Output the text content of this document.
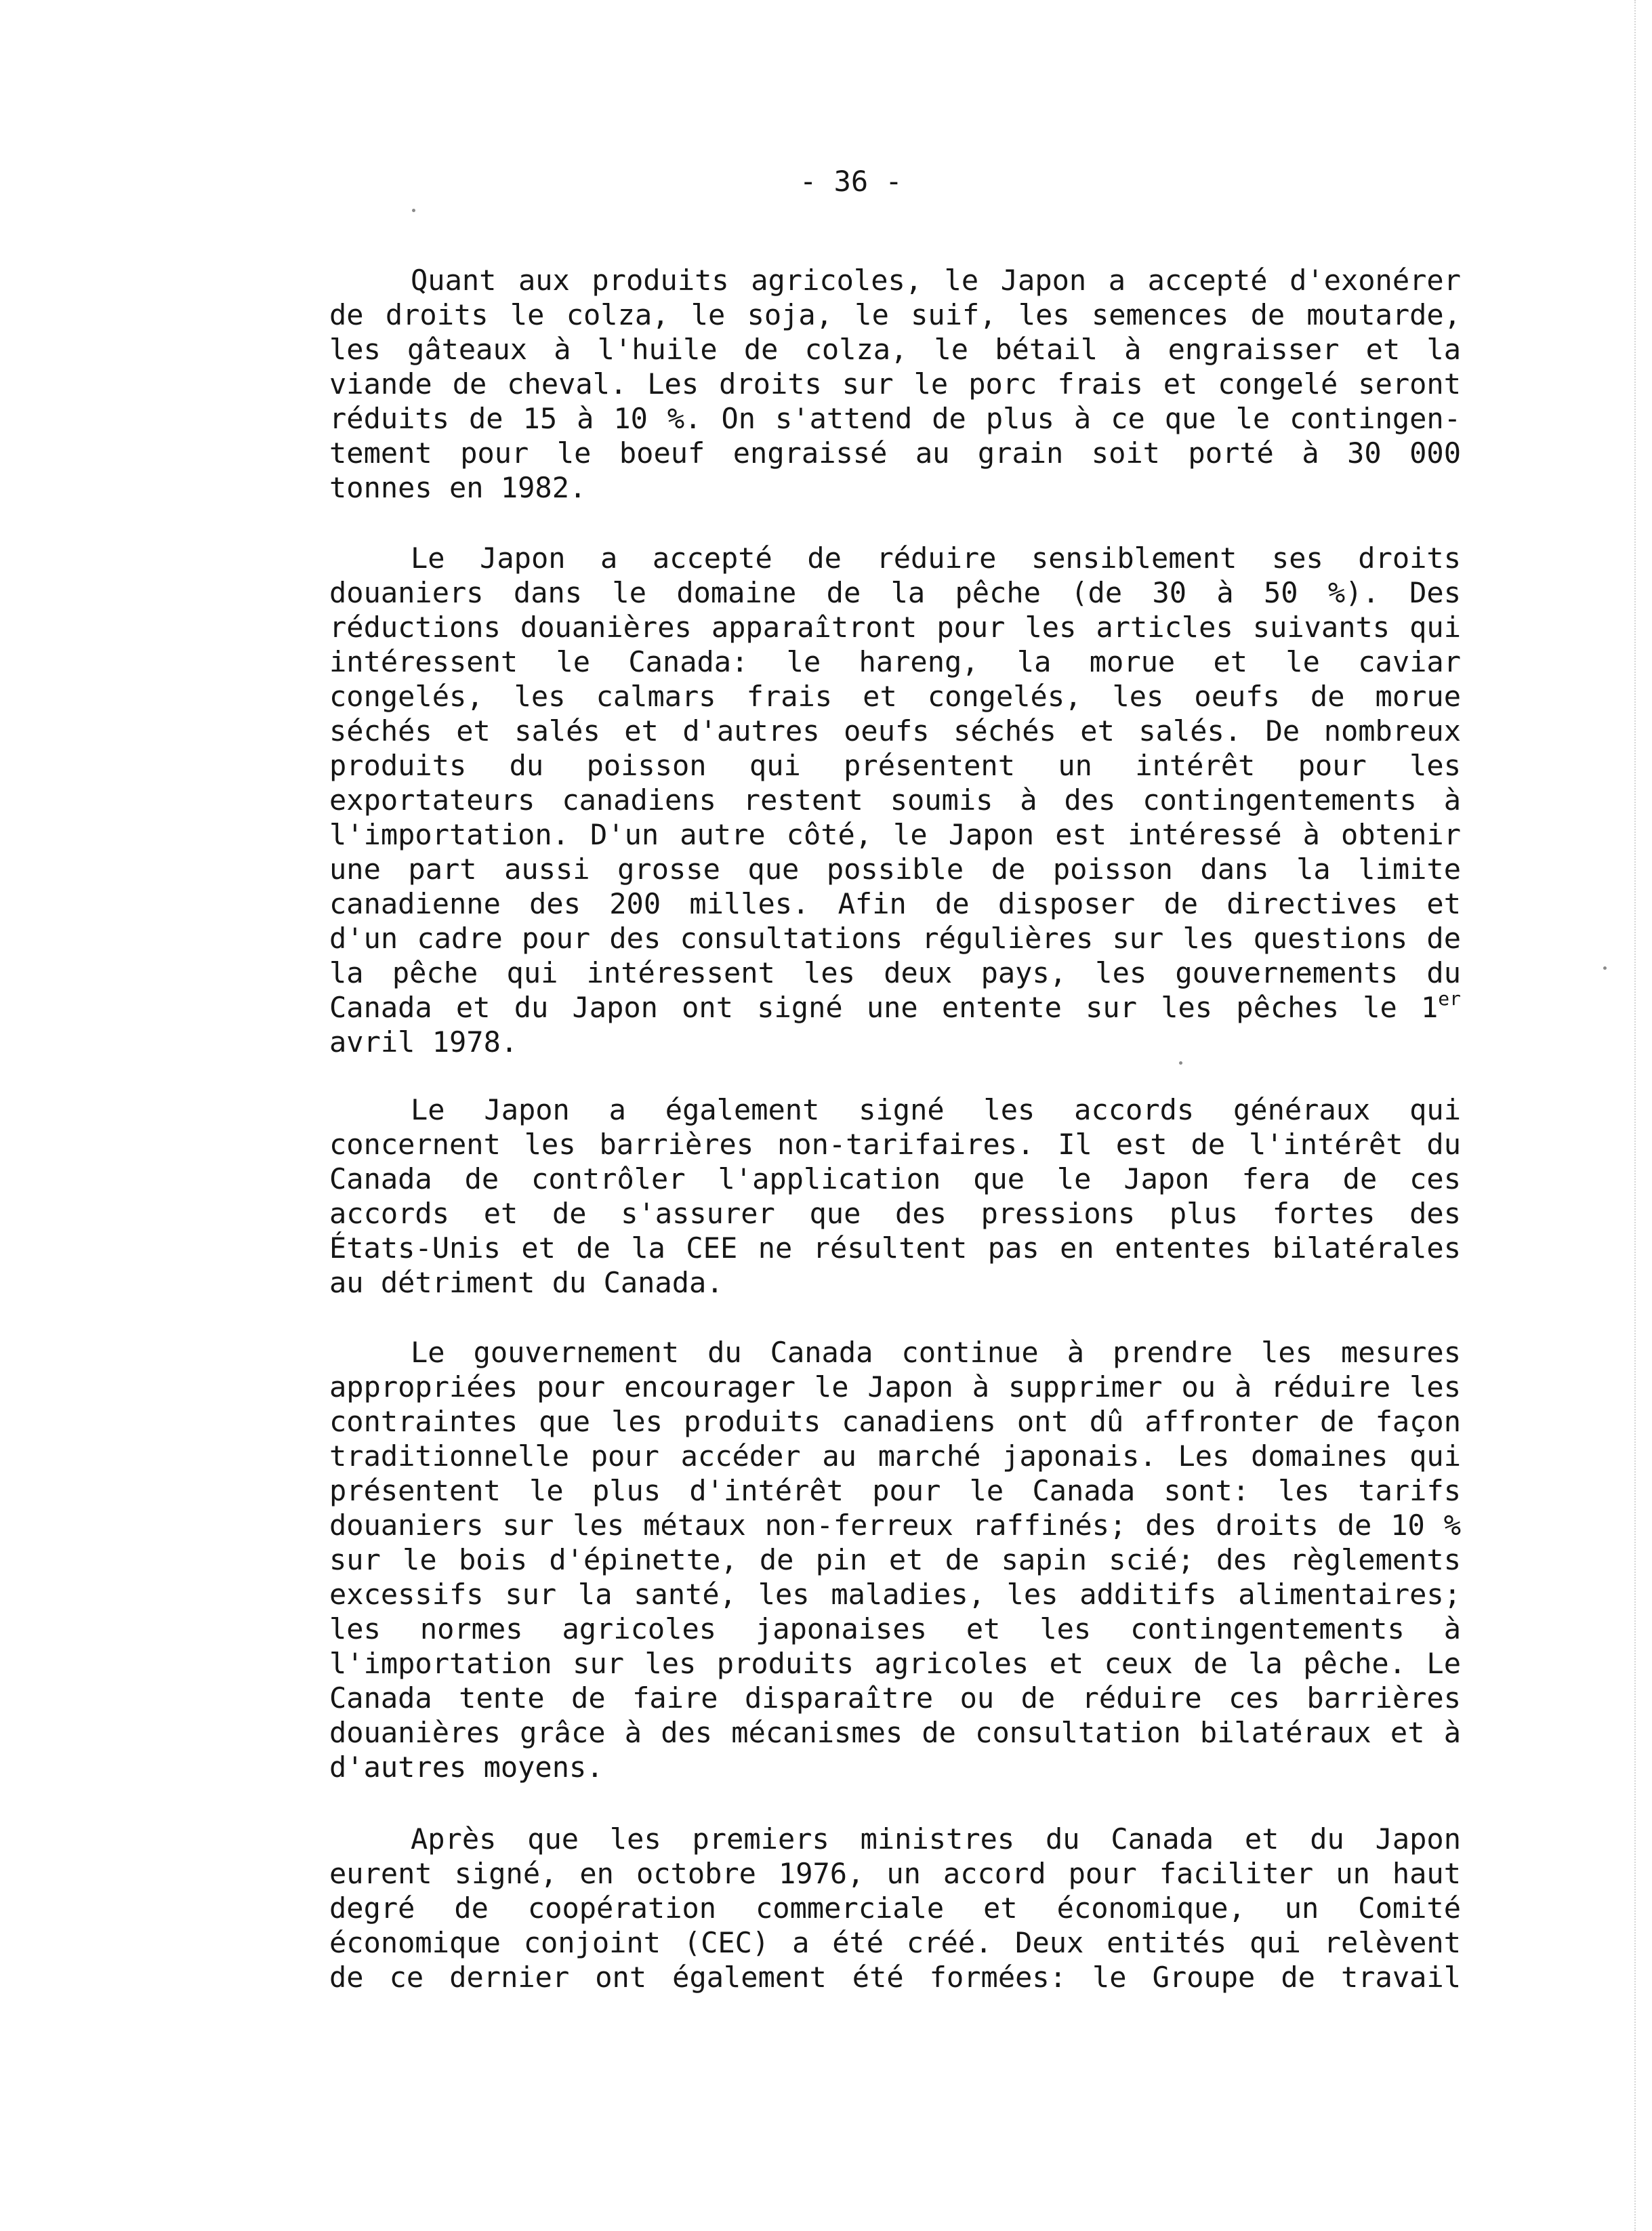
- 36 -
Quant aux produits agricoles, le Japon a accepté d'exonérer
de droits le colza, le soja, le suif, les semences de moutarde,
les gâteaux à l'huile de colza, le bétail à engraisser et la
viande de cheval. Les droits sur le porc frais et congelé seront
réduits de 15 à 10 %. On s'attend de plus à ce que le contingen-
tement pour le boeuf engraissé au grain soit porté à 30 000
tonnes en 1982.
Le Japon a accepté de réduire sensiblement ses droits
douaniers dans le domaine de la pêche (de 30 à 50 %). Des
réductions douanières apparaîtront pour les articles suivants qui
intéressent le Canada: le hareng, la morue et le caviar
congelés, les calmars frais et congelés, les oeufs de morue
séchés et salés et d'autres oeufs séchés et salés. De nombreux
produits du poisson qui présentent un intérêt pour les
exportateurs canadiens restent soumis à des contingentements à
l'importation. D'un autre côté, le Japon est intéressé à obtenir
une part aussi grosse que possible de poisson dans la limite
canadienne des 200 milles. Afin de disposer de directives et
d'un cadre pour des consultations régulières sur les questions de
la pêche qui intéressent les deux pays, les gouvernements du
Canada et du Japon ont signé une entente sur les pêches le 1er
avril 1978.
Le Japon a également signé les accords généraux qui
concernent les barrières non-tarifaires. Il est de l'intérêt du
Canada de contrôler l'application que le Japon fera de ces
accords et de s'assurer que des pressions plus fortes des
États-Unis et de la CEE ne résultent pas en ententes bilatérales
au détriment du Canada.
Le gouvernement du Canada continue à prendre les mesures
appropriées pour encourager le Japon à supprimer ou à réduire les
contraintes que les produits canadiens ont dû affronter de façon
traditionnelle pour accéder au marché japonais. Les domaines qui
présentent le plus d'intérêt pour le Canada sont: les tarifs
douaniers sur les métaux non-ferreux raffinés; des droits de 10 %
sur le bois d'épinette, de pin et de sapin scié; des règlements
excessifs sur la santé, les maladies, les additifs alimentaires;
les normes agricoles japonaises et les contingentements à
l'importation sur les produits agricoles et ceux de la pêche. Le
Canada tente de faire disparaître ou de réduire ces barrières
douanières grâce à des mécanismes de consultation bilatéraux et à
d'autres moyens.
Après que les premiers ministres du Canada et du Japon
eurent signé, en octobre 1976, un accord pour faciliter un haut
degré de coopération commerciale et économique, un Comité
économique conjoint (CEC) a été créé. Deux entités qui relèvent
de ce dernier ont également été formées: le Groupe de travail
